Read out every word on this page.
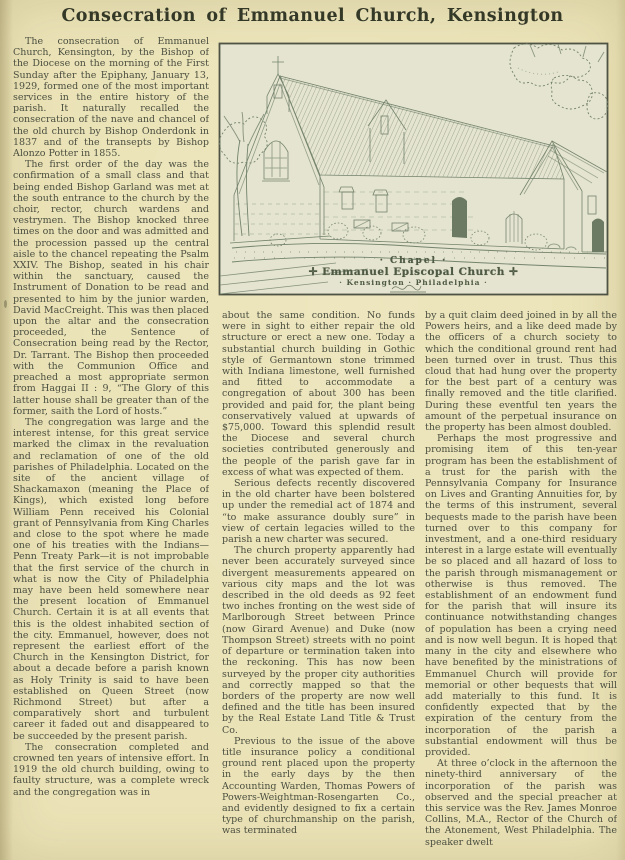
Consecration of Emmanuel Church, Kensington

The consecration of Emmanuel Church, Kensington, by the Bishop of the Diocese on the morning of the First Sunday after the Epiphany, January 13, 1929, formed one of the most important services in the entire history of the parish. It naturally recalled the consecration of the nave and chancel of the old church by Bishop Onderdonk in 1837 and of the transepts by Bishop Alonzo Potter in 1855.

The first order of the day was the confirmation of a small class and that being ended Bishop Garland was met at the south entrance to the church by the choir, rector, church wardens and vestrymen. The Bishop knocked three times on the door and was admitted and the procession passed up the central aisle to the chancel repeating the Psalm XXIV. The Bishop, seated in his chair within the sanctuary, caused the Instrument of Donation to be read and presented to him by the junior warden, David MacCreight. This was then placed upon the altar and the consecration proceeded, the Sentence of Consecration being read by the Rector, Dr. Tarrant. The Bishop then proceeded with the Communion Office and preached a most appropriate sermon from Haggai II : 9, “The Glory of this latter house shall be greater than of the former, saith the Lord of hosts.”

The congregation was large and the interest intense, for this great service marked the climax in the revaluation and reclamation of one of the old parishes of Philadelphia. Located on the site of the ancient village of Shackamaxon (meaning the Place of Kings), which existed long before William Penn received his Colonial grant of Pennsylvania from King Charles and close to the spot where he made one of his treaties with the Indians—Penn Treaty Park—it is not improbable that the first service of the church in what is now the City of Philadelphia may have been held somewhere near the present location of Emmanuel Church. Certain it is at all events that this is the oldest inhabited section of the city. Emmanuel, however, does not represent the earliest effort of the Church in the Kensington District, for about a decade before a parish known as Holy Trinity is said to have been established on Queen Street (now Richmond Street) but after a comparatively short and turbulent career it faded out and disappeared to be succeeded by the present parish.

The consecration completed and crowned ten years of intensive effort. In 1919 the old church building, owing to faulty structure, was a complete wreck and the congregation was in

· Chapel ·
✛ Emmanuel Episcopal Church ✛
· Kensington · Philadelphia ·

about the same condition. No funds were in sight to either repair the old structure or erect a new one. Today a substantial church building in Gothic style of Germantown stone trimmed with Indiana limestone, well furnished and fitted to accommodate a congregation of about 300 has been provided and paid for, the plant being conservatively valued at upwards of $75,000. Toward this splendid result the Diocese and several church societies contributed generously and the people of the parish gave far in excess of what was expected of them.

Serious defects recently discovered in the old charter have been bolstered up under the remedial act of 1874 and “to make assurance doubly sure” in view of certain legacies willed to the parish a new charter was secured.

The church property apparently had never been accurately surveyed since divergent measurements appeared on various city maps and the lot was described in the old deeds as 92 feet two inches fronting on the west side of Marlborough Street between Prince (now Girard Avenue) and Duke (now Thompson Street) streets with no point of departure or termination taken into the reckoning. This has now been surveyed by the proper city authorities and correctly mapped so that the borders of the property are now well defined and the title has been insured by the Real Estate Land Title & Trust Co.

Previous to the issue of the above title insurance policy a conditional ground rent placed upon the property in the early days by the then Accounting Warden, Thomas Powers of Powers-Weightman-Rosengarten Co., and evidently designed to fix a certain type of churchmanship on the parish, was terminated

by a quit claim deed joined in by all the Powers heirs, and a like deed made by the officers of a church society to which the conditional ground rent had been turned over in trust. Thus this cloud that had hung over the property for the best part of a century was finally removed and the title clarified. During these eventful ten years the amount of the perpetual insurance on the property has been almost doubled.

Perhaps the most progressive and promising item of this ten-year program has been the establishment of a trust for the parish with the Pennsylvania Company for Insurance on Lives and Granting Annuities for, by the terms of this instrument, several bequests made to the parish have been turned over to this company for investment, and a one-third residuary interest in a large estate will eventually be so placed and all hazard of loss to the parish through mismanagement or otherwise is thus removed. The establishment of an endowment fund for the parish that will insure its continuance notwithstanding changes of population has been a crying need and is now well begun. It is hoped that many in the city and elsewhere who have benefited by the ministrations of Emmanuel Church will provide for memorial or other bequests that will add materially to this fund. It is confidently expected that by the expiration of the century from the incorporation of the parish a substantial endowment will thus be provided.

At three o’clock in the afternoon the ninety-third anniversary of the incorporation of the parish was observed and the special preacher at this service was the Rev. James Monroe Collins, M.A., Rector of the Church of the Atonement, West Philadelphia. The speaker dwelt
